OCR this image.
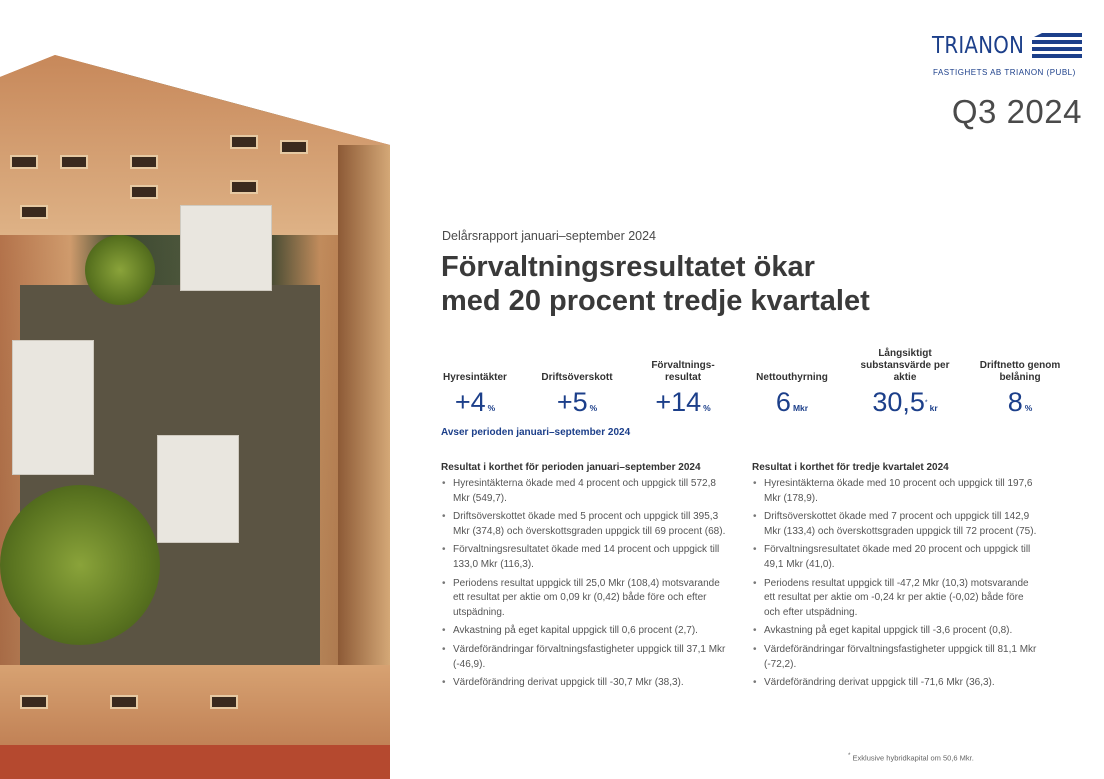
TRIANON
FASTIGHETS AB TRIANON (PUBL)
Q3 2024
Delårsrapport januari–september 2024
Förvaltningsresultatet ökar
med 20 procent tredje kvartalet
Hyresintäkter
+4 %
Driftsöverskott
+5 %
Förvaltnings-
resultat
+14 %
Nettouthyrning
6 Mkr
Långsiktigt substansvärde per aktie
30,5* kr
Driftnetto genom belåning
8 %
Avser perioden januari–september 2024
Resultat i korthet för perioden januari–september 2024
• Hyresintäkterna ökade med 4 procent och uppgick till 572,8 Mkr (549,7).
• Driftsöverskottet ökade med 5 procent och uppgick till 395,3 Mkr (374,8) och överskottsgraden uppgick till 69 procent (68).
• Förvaltningsresultatet ökade med 14 procent och uppgick till 133,0 Mkr (116,3).
• Periodens resultat uppgick till 25,0 Mkr (108,4) motsvarande ett resultat per aktie om 0,09 kr (0,42) både före och efter utspädning.
• Avkastning på eget kapital uppgick till 0,6 procent (2,7).
• Värdeförändringar förvaltningsfastigheter uppgick till 37,1 Mkr (-46,9).
• Värdeförändring derivat uppgick till -30,7 Mkr (38,3).
Resultat i korthet för tredje kvartalet 2024
• Hyresintäkterna ökade med 10 procent och uppgick till 197,6 Mkr (178,9).
• Driftsöverskottet ökade med 7 procent och uppgick till 142,9 Mkr (133,4) och överskottsgraden uppgick till 72 procent (75).
• Förvaltningsresultatet ökade med 20 procent och uppgick till 49,1 Mkr (41,0).
• Periodens resultat uppgick till -47,2 Mkr (10,3) motsvarande ett resultat per aktie om -0,24 kr per aktie (-0,02) både före och efter utspädning.
• Avkastning på eget kapital uppgick till -3,6 procent (0,8).
• Värdeförändringar förvaltningsfastigheter uppgick till 81,1 Mkr (-72,2).
• Värdeförändring derivat uppgick till -71,6 Mkr (36,3).
* Exklusive hybridkapital om 50,6 Mkr.
